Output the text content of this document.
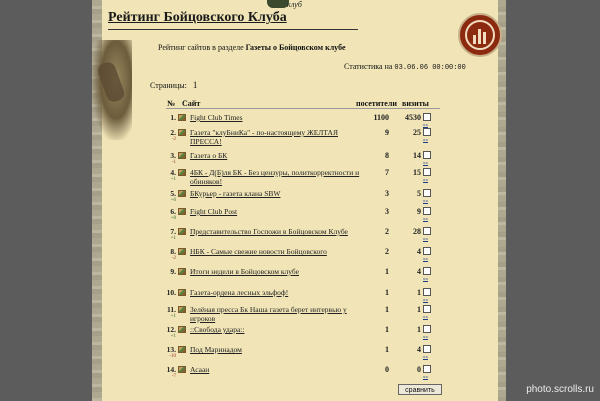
клуб
Рейтинг Бойцовского Клуба
Рейтинг сайтов в разделе Газеты о Бойцовском клубе
Статистика на 03.06.06 00:00:00
Страницы: 1
№ Сайт	посетители визиты
1. Fight Club Times	1100	4530
»»
2.
-2
Газета "клуБниКа" - по-настоящему ЖЕЛТАЯ ПРЕССА!
9	25
»»
3.
-1
Газета о БК	8	14
»»
4.
+1
4БК - Д(Б)ля БК - Без цензуры, политкорректности и обиняков!
7	15
»»
5.
+6
БКурьер - газета клана SBW	3	5
»»
6.
+8
Fight Club Post	3	9
»»
7.
+1
Представительство Госпожи в Бойцовском Клубе	2	28
»»
8.
-2
НБК - Самые свежие новости Бойцовского	2	4
»»
9. Итоги недели в Бойцовском клубе	1	4
»»
10. Газета-ордена лесных эльфоф!	1	1
»»
11.
+1
Зелёная пресса Бк Наша газета берет интервью у игроков
1	1
»»
12.
+1
::Свобода удара::	1	1
»»
13.
-10
Под Маринадом	1	4
»»
14.
-7
Асаан	0	0
»»
сравнить	photo.scrolls.ru
